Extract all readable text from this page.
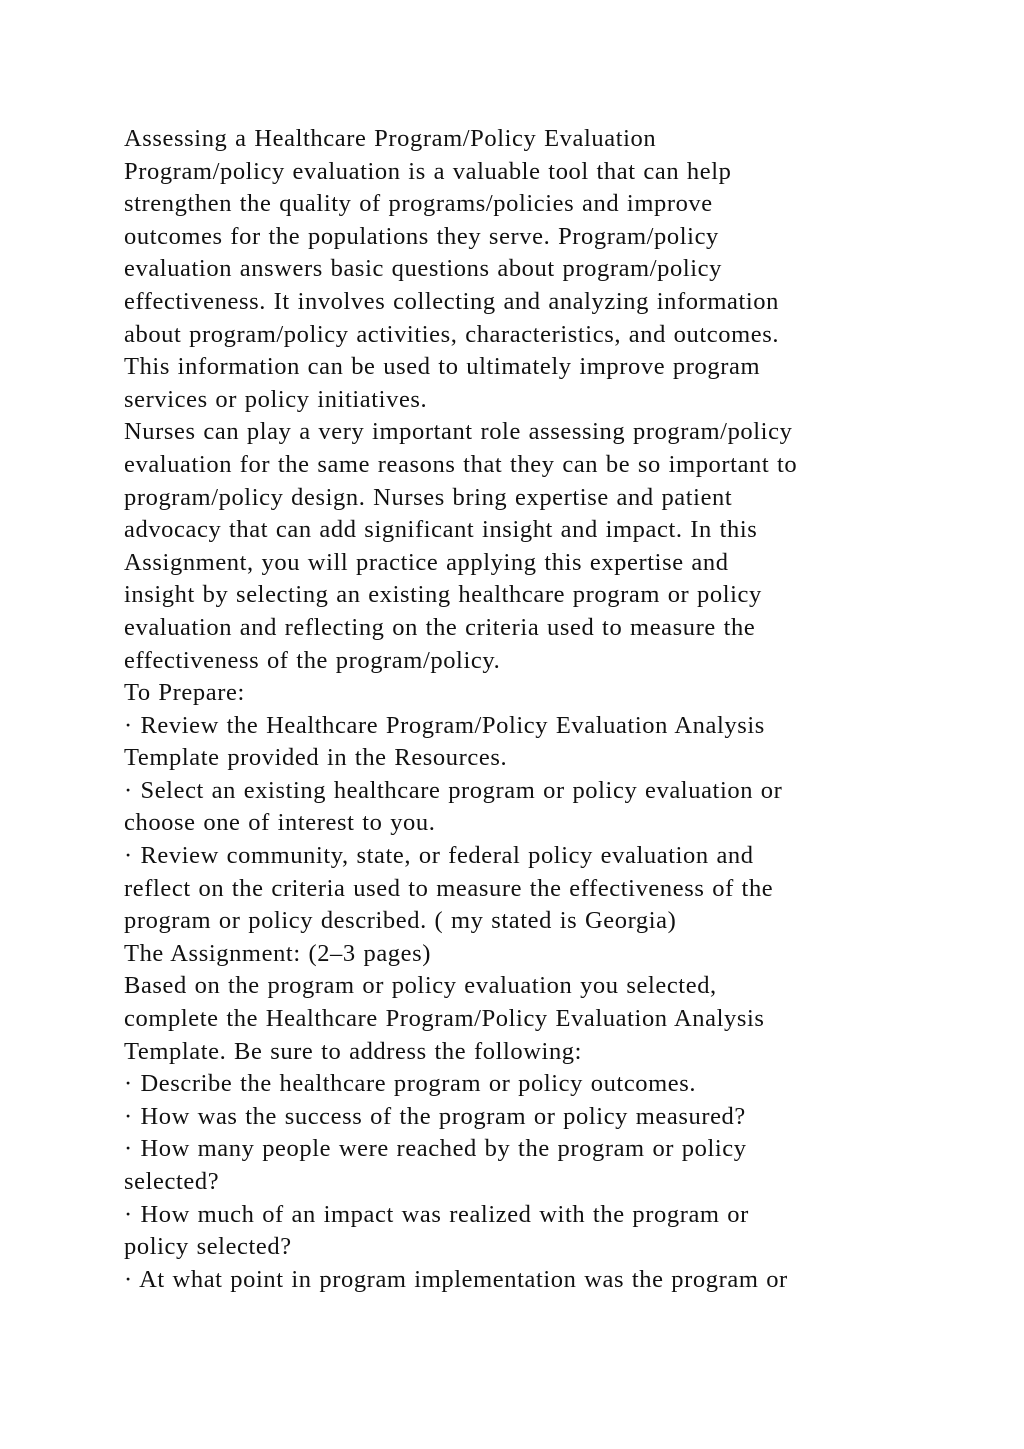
Assessing a Healthcare Program/Policy Evaluation
Program/policy evaluation is a valuable tool that can help
strengthen the quality of programs/policies and improve
outcomes for the populations they serve. Program/policy
evaluation answers basic questions about program/policy
effectiveness. It involves collecting and analyzing information
about program/policy activities, characteristics, and outcomes.
This information can be used to ultimately improve program
services or policy initiatives.
Nurses can play a very important role assessing program/policy
evaluation for the same reasons that they can be so important to
program/policy design. Nurses bring expertise and patient
advocacy that can add significant insight and impact. In this
Assignment, you will practice applying this expertise and
insight by selecting an existing healthcare program or policy
evaluation and reflecting on the criteria used to measure the
effectiveness of the program/policy.
To Prepare:
· Review the Healthcare Program/Policy Evaluation Analysis
Template provided in the Resources.
· Select an existing healthcare program or policy evaluation or
choose one of interest to you.
· Review community, state, or federal policy evaluation and
reflect on the criteria used to measure the effectiveness of the
program or policy described. ( my stated is Georgia)
The Assignment: (2–3 pages)
Based on the program or policy evaluation you selected,
complete the Healthcare Program/Policy Evaluation Analysis
Template. Be sure to address the following:
· Describe the healthcare program or policy outcomes.
· How was the success of the program or policy measured?
· How many people were reached by the program or policy
selected?
· How much of an impact was realized with the program or
policy selected?
· At what point in program implementation was the program or
